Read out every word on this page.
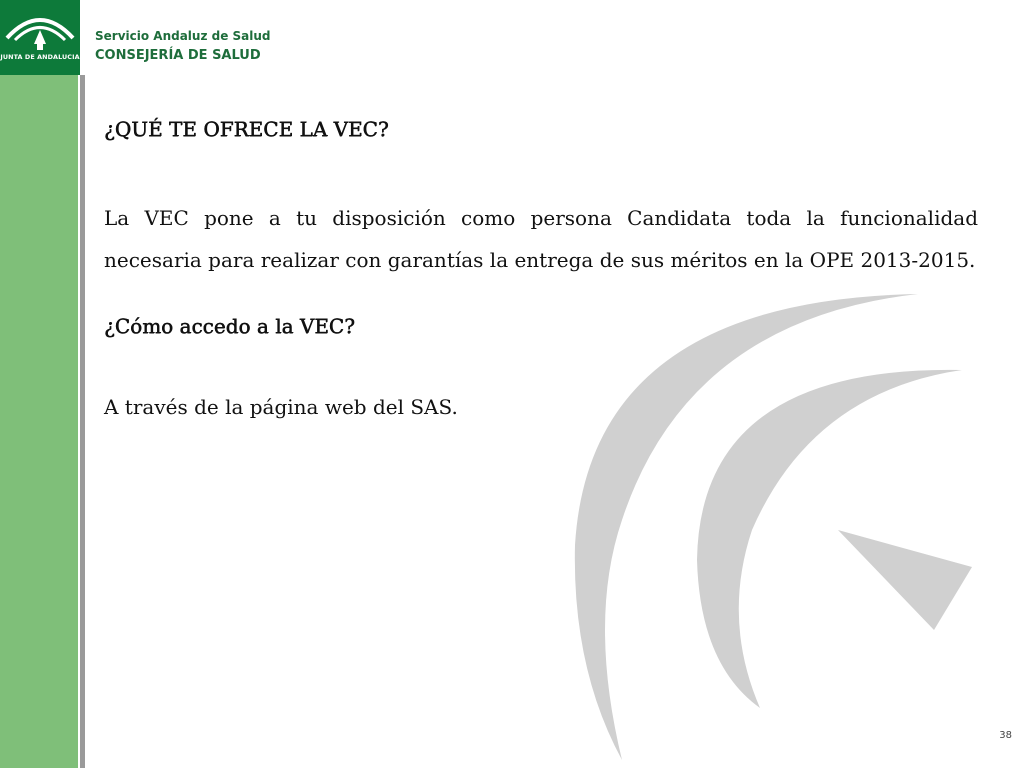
JUNTA DE ANDALUCIA
Servicio Andaluz de Salud
CONSEJERÍA DE SALUD

¿QUÉ TE OFRECE LA VEC?

La VEC pone a tu disposición como persona Candidata toda la funcionalidad necesaria para realizar con garantías la entrega de sus méritos en la OPE 2013-2015.

¿Cómo accedo a la VEC?

A través de la página web del SAS.

38
